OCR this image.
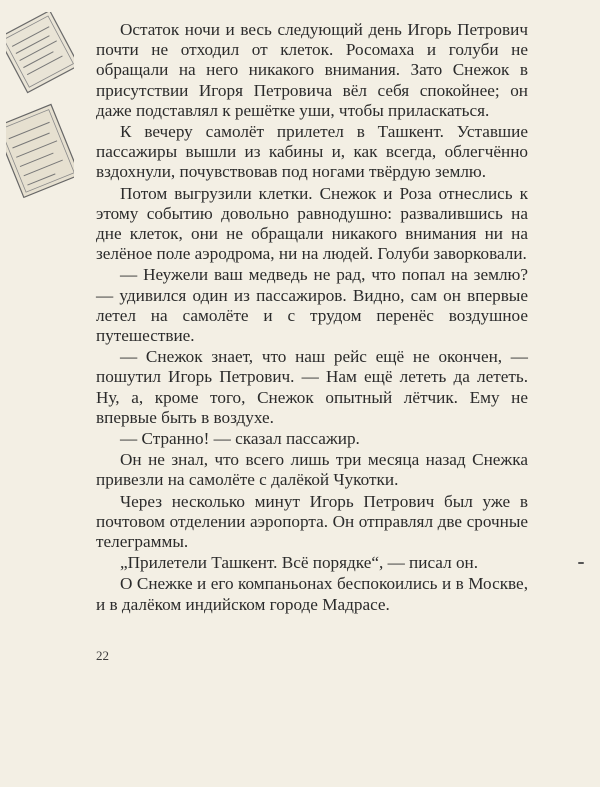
Остаток ночи и весь следующий день Игорь Петрович почти не отходил от клеток. Росомаха и голуби не обращали на него никакого внимания. Зато Снежок в присутствии Игоря Петровича вёл себя спокойнее; он даже подставлял к решётке уши, чтобы приласкаться.

К вечеру самолёт прилетел в Ташкент. Уставшие пассажиры вышли из кабины и, как всегда, облегчённо вздохнули, почувствовав под ногами твёрдую землю.

Потом выгрузили клетки. Снежок и Роза отнеслись к этому событию довольно равнодушно: развалившись на дне клеток, они не обращали никакого внимания ни на зелёное поле аэродрома, ни на людей. Голуби заворковали.

— Неужели ваш медведь не рад, что попал на землю? — удивился один из пассажиров. Видно, сам он впервые летел на самолёте и с трудом перенёс воздушное путешествие.

— Снежок знает, что наш рейс ещё не окончен, — пошутил Игорь Петрович. — Нам ещё лететь да лететь. Ну, а, кроме того, Снежок опытный лётчик. Ему не впервые быть в воздухе.

— Странно! — сказал пассажир.

Он не знал, что всего лишь три месяца назад Снежка привезли на самолёте с далёкой Чукотки.

Через несколько минут Игорь Петрович был уже в почтовом отделении аэропорта. Он отправлял две срочные телеграммы.

„Прилетели Ташкент. Всё порядке“, — писал он.

О Снежке и его компаньонах беспокоились и в Москве, и в далёком индийском городе Мадрасе.

22
